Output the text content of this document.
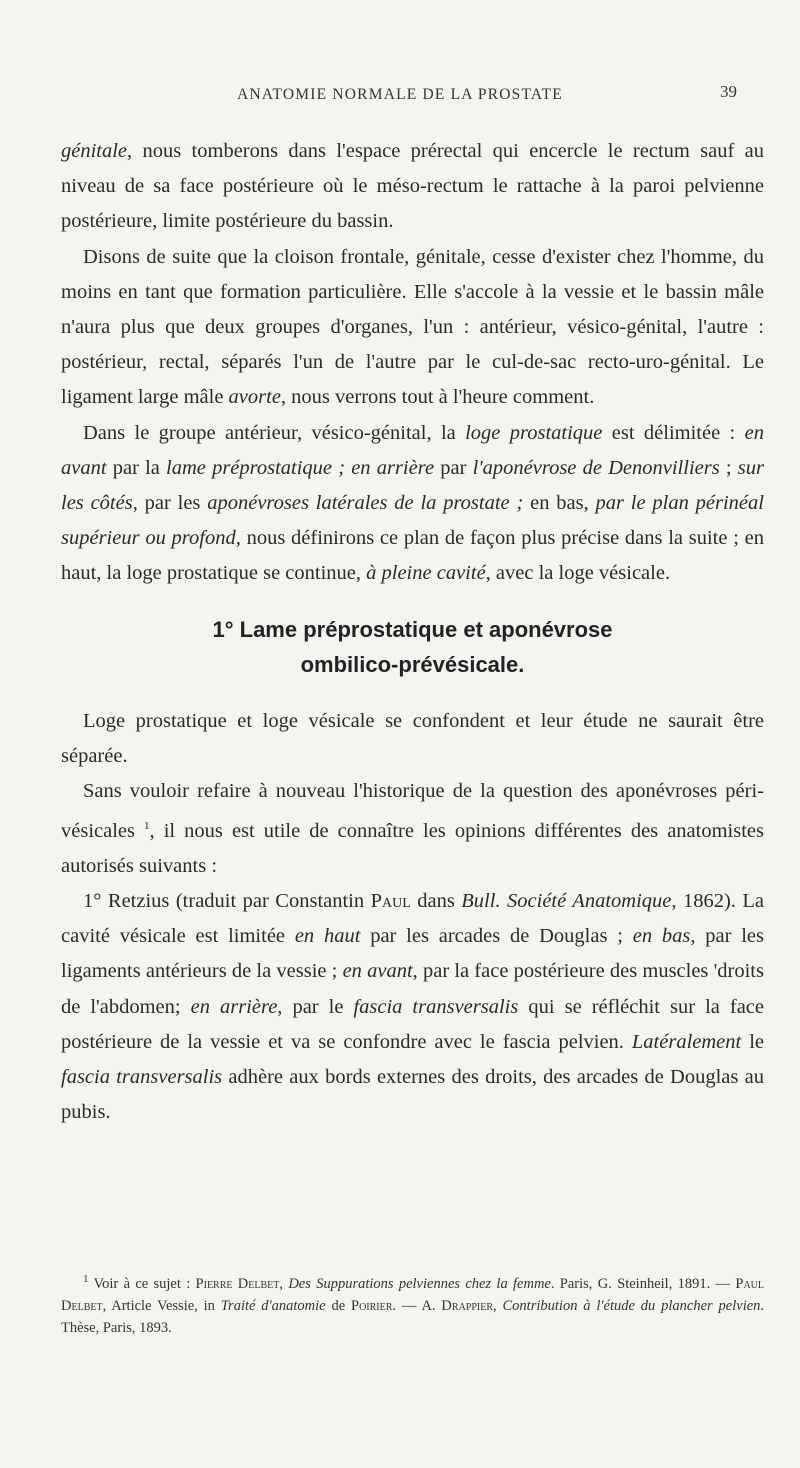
ANATOMIE NORMALE DE LA PROSTATE	39

génitale, nous tomberons dans l'espace prérectal qui encercle le rectum sauf au niveau de sa face postérieure où le méso-rectum le rattache à la paroi pelvienne postérieure, limite postérieure du bassin.

Disons de suite que la cloison frontale, génitale, cesse d'exister chez l'homme, du moins en tant que formation particulière. Elle s'accole à la vessie et le bassin mâle n'aura plus que deux groupes d'organes, l'un : antérieur, vésico-génital, l'autre : postérieur, rectal, séparés l'un de l'autre par le cul-de-sac recto-uro-génital. Le ligament large mâle avorte, nous verrons tout à l'heure comment.

Dans le groupe antérieur, vésico-génital, la loge prostatique est délimitée : en avant par la lame préprostatique ; en arrière par l'aponévrose de Denonvilliers ; sur les côtés, par les aponévroses latérales de la prostate ; en bas, par le plan périnéal supérieur ou profond, nous définirons ce plan de façon plus précise dans la suite ; en haut, la loge prostatique se continue, à pleine cavité, avec la loge vésicale.

1° Lame préprostatique et aponévrose
ombilico-prévésicale.

Loge prostatique et loge vésicale se confondent et leur étude ne saurait être séparée.

Sans vouloir refaire à nouveau l'historique de la question des aponévroses péri-vésicales $^1$, il nous est utile de connaître les opinions différentes des anatomistes autorisés suivants :

1° Retzius (traduit par Constantin Paul dans Bull. Société Anatomique, 1862). La cavité vésicale est limitée en haut par les arcades de Douglas ; en bas, par les ligaments antérieurs de la vessie ; en avant, par la face postérieure des muscles 'droits de l'abdomen; en arrière, par le fascia transversalis qui se réfléchit sur la face postérieure de la vessie et va se confondre avec le fascia pelvien. Latéralement le fascia transversalis adhère aux bords externes des droits, des arcades de Douglas au pubis.

$^1$ Voir à ce sujet : Pierre Delbet, Des Suppurations pelviennes chez la femme. Paris, G. Steinheil, 1891. — Paul Delbet, Article Vessie, in Traité d'anatomie de Poirier. — A. Drappier, Contribution à l'étude du plancher pelvien. Thèse, Paris, 1893.
